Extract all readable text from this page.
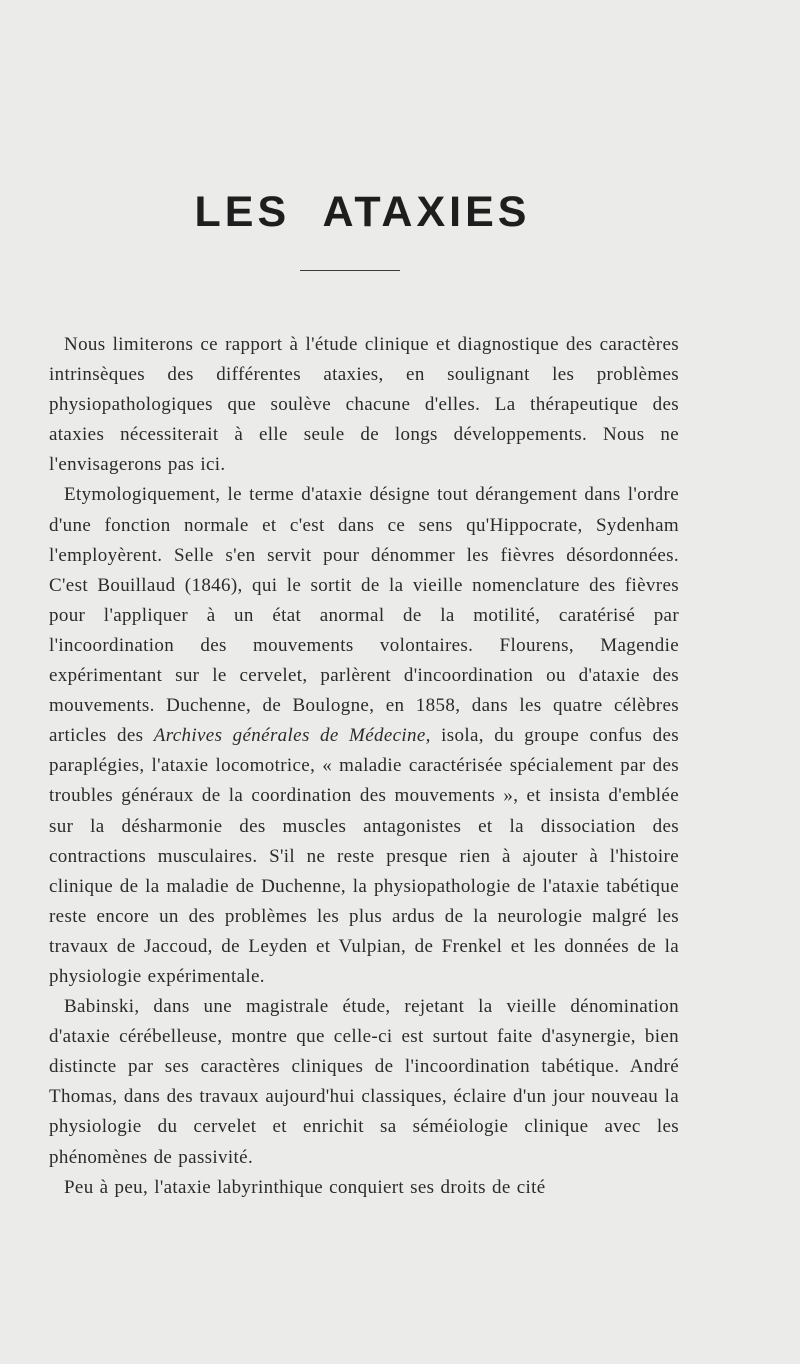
LES ATAXIES

Nous limiterons ce rapport à l'étude clinique et diagnostique des caractères intrinsèques des différentes ataxies, en soulignant les problèmes physiopathologiques que soulève chacune d'elles. La thérapeutique des ataxies nécessiterait à elle seule de longs développements. Nous ne l'envisagerons pas ici.

Etymologiquement, le terme d'ataxie désigne tout dérangement dans l'ordre d'une fonction normale et c'est dans ce sens qu'Hippocrate, Sydenham l'employèrent. Selle s'en servit pour dénommer les fièvres désordonnées. C'est Bouillaud (1846), qui le sortit de la vieille nomenclature des fièvres pour l'appliquer à un état anormal de la motilité, caratérisé par l'incoordination des mouvements volontaires. Flourens, Magendie expérimentant sur le cervelet, parlèrent d'incoordination ou d'ataxie des mouvements. Duchenne, de Boulogne, en 1858, dans les quatre célèbres articles des Archives générales de Médecine, isola, du groupe confus des paraplégies, l'ataxie locomotrice, « maladie caractérisée spécialement par des troubles généraux de la coordination des mouvements », et insista d'emblée sur la désharmonie des muscles antagonistes et la dissociation des contractions musculaires. S'il ne reste presque rien à ajouter à l'histoire clinique de la maladie de Duchenne, la physiopathologie de l'ataxie tabétique reste encore un des problèmes les plus ardus de la neurologie malgré les travaux de Jaccoud, de Leyden et Vulpian, de Frenkel et les données de la physiologie expérimentale.

Babinski, dans une magistrale étude, rejetant la vieille dénomination d'ataxie cérébelleuse, montre que celle-ci est surtout faite d'asynergie, bien distincte par ses caractères cliniques de l'incoordination tabétique. André Thomas, dans des travaux aujourd'hui classiques, éclaire d'un jour nouveau la physiologie du cervelet et enrichit sa séméiologie clinique avec les phénomènes de passivité.

Peu à peu, l'ataxie labyrinthique conquiert ses droits de cité
